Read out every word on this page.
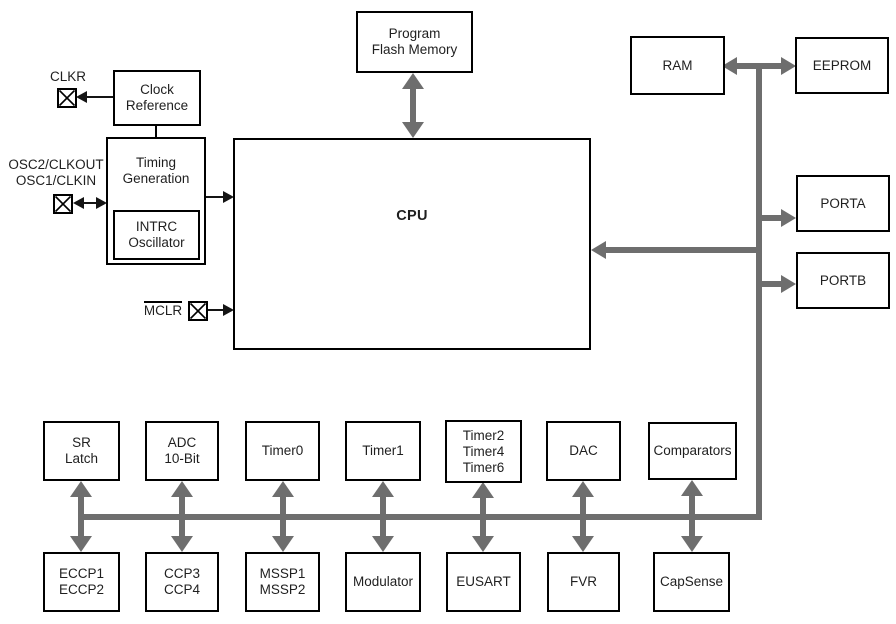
CLKR
OSC2/CLKOUT
OSC1/CLKIN
MCLR
Program
Flash Memory
Clock
Reference
Timing
Generation
INTRC
Oscillator
CPU
RAM	EEPROM
PORTA
PORTB
SR
Latch
ADC
10-Bit
Timer0	Timer1
Timer2
Timer4
Timer6
DAC	Comparators
ECCP1
ECCP2
CCP3
CCP4
MSSP1
MSSP2
Modulator	EUSART	FVR	CapSense
